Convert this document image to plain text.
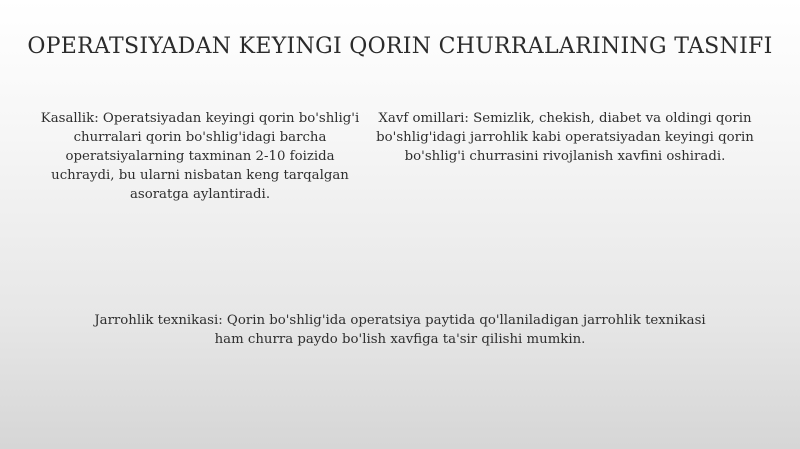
OPERATSIYADAN KEYINGI QORIN CHURRALARINING TASNIFI
Kasallik: Operatsiyadan keyingi qorin bo'shlig'i churralari qorin bo'shlig'idagi barcha operatsiyalarning taxminan 2-10 foizida uchraydi, bu ularni nisbatan keng tarqalgan asoratga aylantiradi.
Xavf omillari: Semizlik, chekish, diabet va oldingi qorin bo'shlig'idagi jarrohlik kabi operatsiyadan keyingi qorin bo'shlig'i churrasini rivojlanish xavfini oshiradi.
Jarrohlik texnikasi: Qorin bo'shlig'ida operatsiya paytida qo'llaniladigan jarrohlik texnikasi ham churra paydo bo'lish xavfiga ta'sir qilishi mumkin.
